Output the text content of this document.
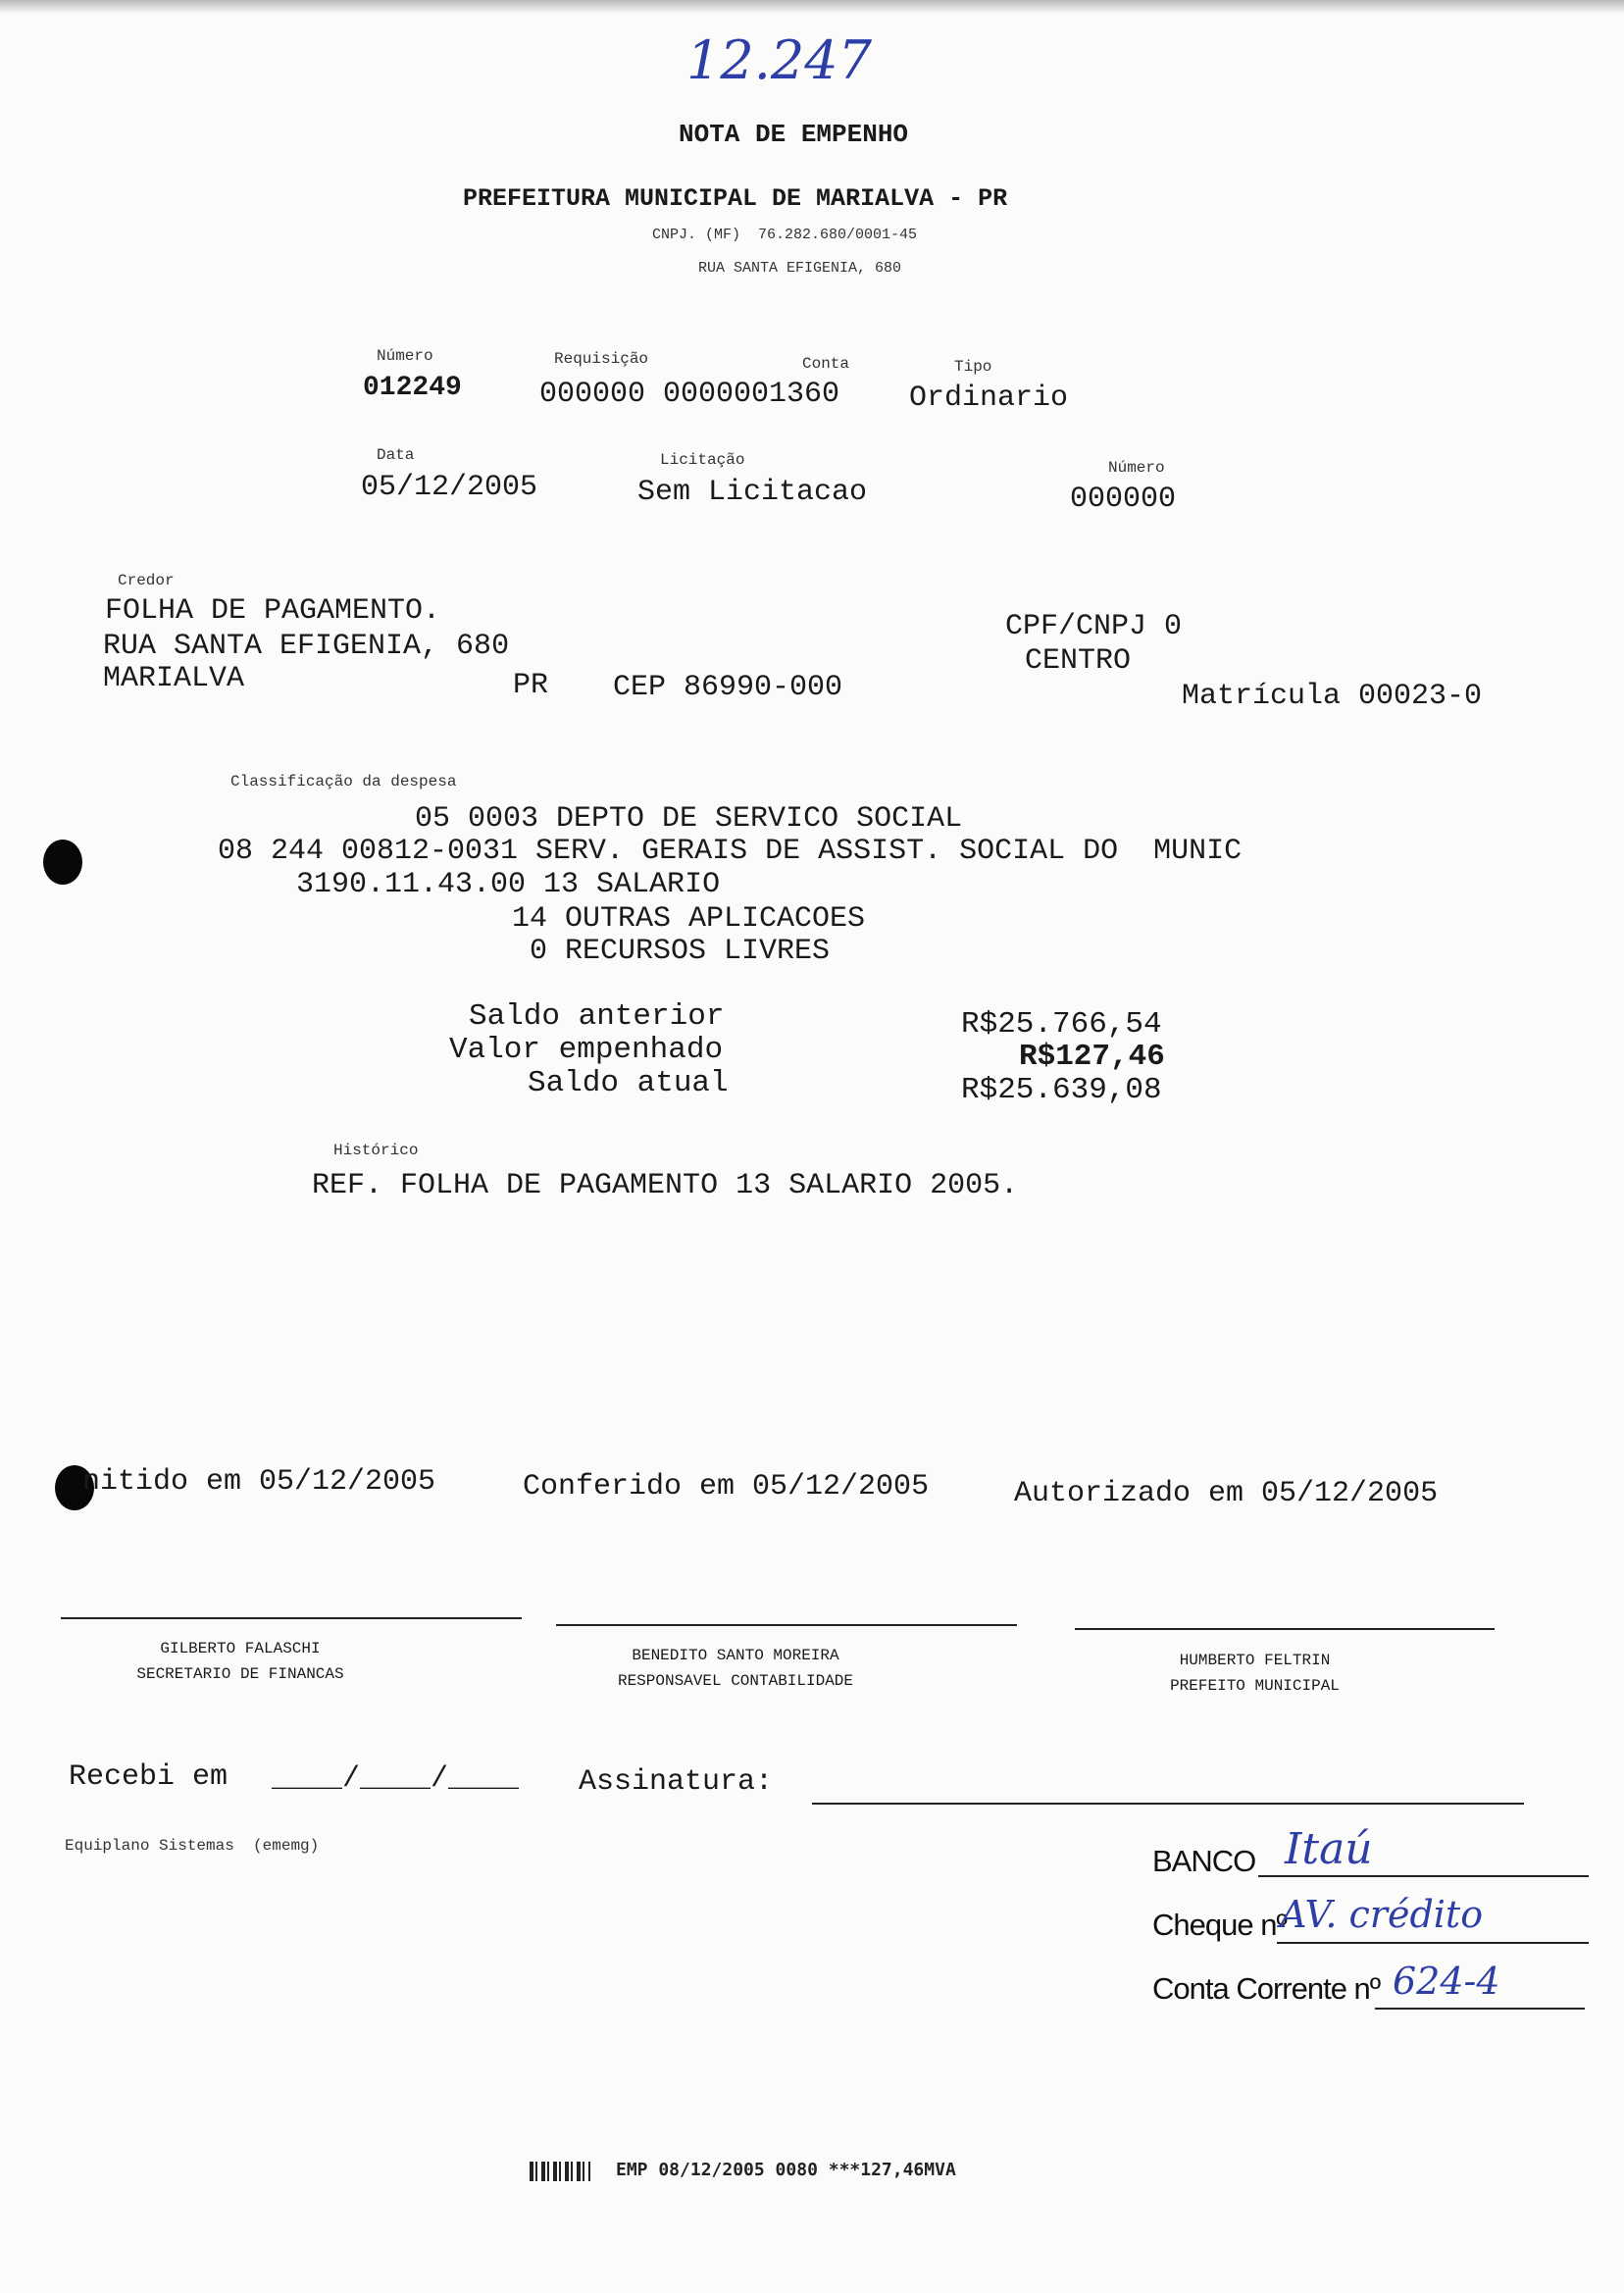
12.247
NOTA DE EMPENHO
PREFEITURA MUNICIPAL DE MARIALVA - PR
CNPJ. (MF)  76.282.680/0001-45
RUA SANTA EFIGENIA, 680
Número
012249
Requisição	Conta
000000 0000001360
Tipo
Ordinario
Data
05/12/2005
Licitação
Sem Licitacao
Número
000000
Credor
FOLHA DE PAGAMENTO.
RUA SANTA EFIGENIA, 680
MARIALVA	PR CEP 86990-000
CPF/CNPJ 0
CENTRO
Matrícula 00023-0
Classificação da despesa
05 0003 DEPTO DE SERVICO SOCIAL
08 244 00812-0031 SERV. GERAIS DE ASSIST. SOCIAL DO  MUNIC
3190.11.43.00 13 SALARIO
14 OUTRAS APLICACOES
0 RECURSOS LIVRES
Saldo anterior	R$25.766,54
Valor empenhado	R$127,46
Saldo atual	R$25.639,08
Histórico
REF. FOLHA DE PAGAMENTO 13 SALARIO 2005.
nitido em 05/12/2005	Conferido em 05/12/2005	Autorizado em 05/12/2005
GILBERTO FALASCHI
SECRETARIO DE FINANCAS
BENEDITO SANTO MOREIRA
RESPONSAVEL CONTABILIDADE
HUMBERTO FELTRIN
PREFEITO MUNICIPAL
Recebi em ____/____/____ Assinatura:
Equiplano Sistemas  (ememg)	BANCO Itaú
Cheque nº
AV. crédito
Conta Corrente nº 624-4
EMP 08/12/2005 0080 ***127,46MVA
